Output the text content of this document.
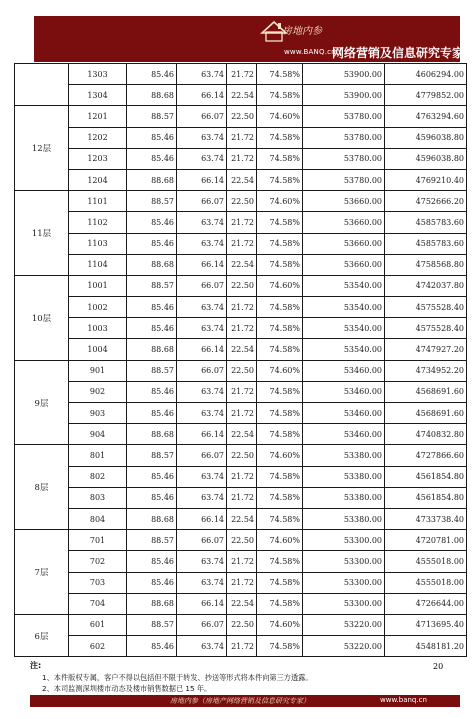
房地内参
www.BANQ.cn
网络营销及信息研究专家
	1303	85.46	63.74	21.72	74.58%	53900.00	4606294.00
	1304	88.68	66.14	22.54	74.58%	53900.00	4779852.00
12层	1201	88.57	66.07	22.50	74.60%	53780.00	4763294.60
	1202	85.46	63.74	21.72	74.58%	53780.00	4596038.80
	1203	85.46	63.74	21.72	74.58%	53780.00	4596038.80
	1204	88.68	66.14	22.54	74.58%	53780.00	4769210.40
11层	1101	88.57	66.07	22.50	74.60%	53660.00	4752666.20
	1102	85.46	63.74	21.72	74.58%	53660.00	4585783.60
	1103	85.46	63.74	21.72	74.58%	53660.00	4585783.60
	1104	88.68	66.14	22.54	74.58%	53660.00	4758568.80
10层	1001	88.57	66.07	22.50	74.60%	53540.00	4742037.80
	1002	85.46	63.74	21.72	74.58%	53540.00	4575528.40
	1003	85.46	63.74	21.72	74.58%	53540.00	4575528.40
	1004	88.68	66.14	22.54	74.58%	53540.00	4747927.20
9层	901	88.57	66.07	22.50	74.60%	53460.00	4734952.20
	902	85.46	63.74	21.72	74.58%	53460.00	4568691.60
	903	85.46	63.74	21.72	74.58%	53460.00	4568691.60
	904	88.68	66.14	22.54	74.58%	53460.00	4740832.80
8层	801	88.57	66.07	22.50	74.60%	53380.00	4727866.60
	802	85.46	63.74	21.72	74.58%	53380.00	4561854.80
	803	85.46	63.74	21.72	74.58%	53380.00	4561854.80
	804	88.68	66.14	22.54	74.58%	53380.00	4733738.40
7层	701	88.57	66.07	22.50	74.60%	53300.00	4720781.00
	702	85.46	63.74	21.72	74.58%	53300.00	4555018.00
	703	85.46	63.74	21.72	74.58%	53300.00	4555018.00
	704	88.68	66.14	22.54	74.58%	53300.00	4726644.00
6层	601	88.57	66.07	22.50	74.60%	53220.00	4713695.40
	602	85.46	63.74	21.72	74.58%	53220.00	4548181.20
注:	20
1、本件版权专属，客户不得以包括但不限于转发、抄送等形式将本件向第三方透露。
2、本司监测深圳楼市动态及楼市销售数据已 15 年。
房地内参（房地产网络营销及信息研究专家）	www.banq.cn
